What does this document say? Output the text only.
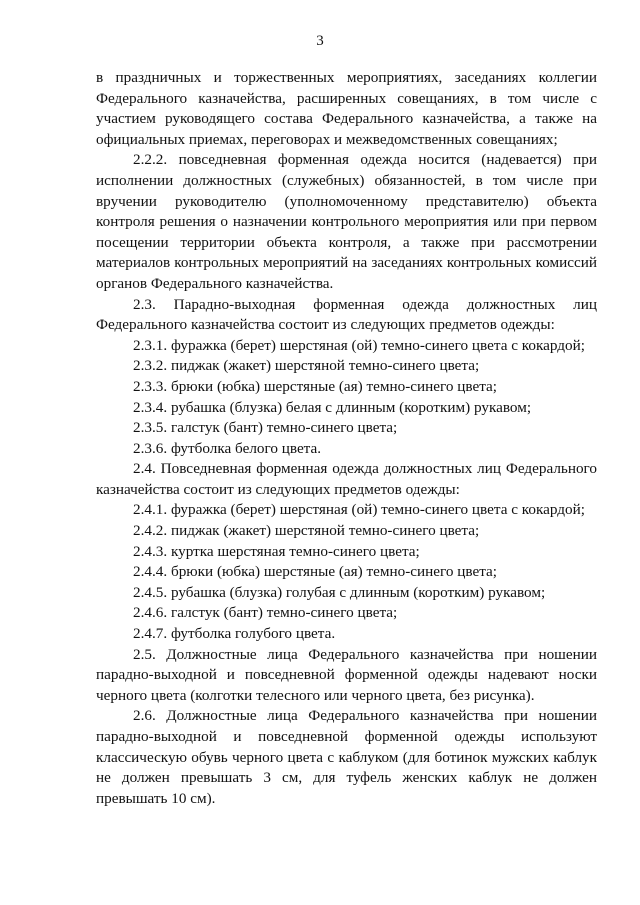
3

в праздничных и торжественных мероприятиях, заседаниях коллегии Федерального казначейства, расширенных совещаниях, в том числе с участием руководящего состава Федерального казначейства, а также на официальных приемах, переговорах и межведомственных совещаниях;

2.2.2. повседневная форменная одежда носится (надевается) при исполнении должностных (служебных) обязанностей, в том числе при вручении руководителю (уполномоченному представителю) объекта контроля решения о назначении контрольного мероприятия или при первом посещении территории объекта контроля, а также при рассмотрении материалов контрольных мероприятий на заседаниях контрольных комиссий органов Федерального казначейства.

2.3. Парадно-выходная форменная одежда должностных лиц Федерального казначейства состоит из следующих предметов одежды:

2.3.1. фуражка (берет) шерстяная (ой) темно-синего цвета с кокардой;

2.3.2. пиджак (жакет) шерстяной темно-синего цвета;

2.3.3. брюки (юбка) шерстяные (ая) темно-синего цвета;

2.3.4. рубашка (блузка) белая с длинным (коротким) рукавом;

2.3.5. галстук (бант) темно-синего цвета;

2.3.6. футболка белого цвета.

2.4. Повседневная форменная одежда должностных лиц Федерального казначейства состоит из следующих предметов одежды:

2.4.1. фуражка (берет) шерстяная (ой) темно-синего цвета с кокардой;

2.4.2. пиджак (жакет) шерстяной темно-синего цвета;

2.4.3. куртка шерстяная темно-синего цвета;

2.4.4. брюки (юбка) шерстяные (ая) темно-синего цвета;

2.4.5. рубашка (блузка) голубая с длинным (коротким) рукавом;

2.4.6. галстук (бант) темно-синего цвета;

2.4.7. футболка голубого цвета.

2.5. Должностные лица Федерального казначейства при ношении парадно-выходной и повседневной форменной одежды надевают носки черного цвета (колготки телесного или черного цвета, без рисунка).

2.6. Должностные лица Федерального казначейства при ношении парадно-выходной и повседневной форменной одежды используют классическую обувь черного цвета с каблуком (для ботинок мужских каблук не должен превышать 3 см, для туфель женских каблук не должен превышать 10 см).
